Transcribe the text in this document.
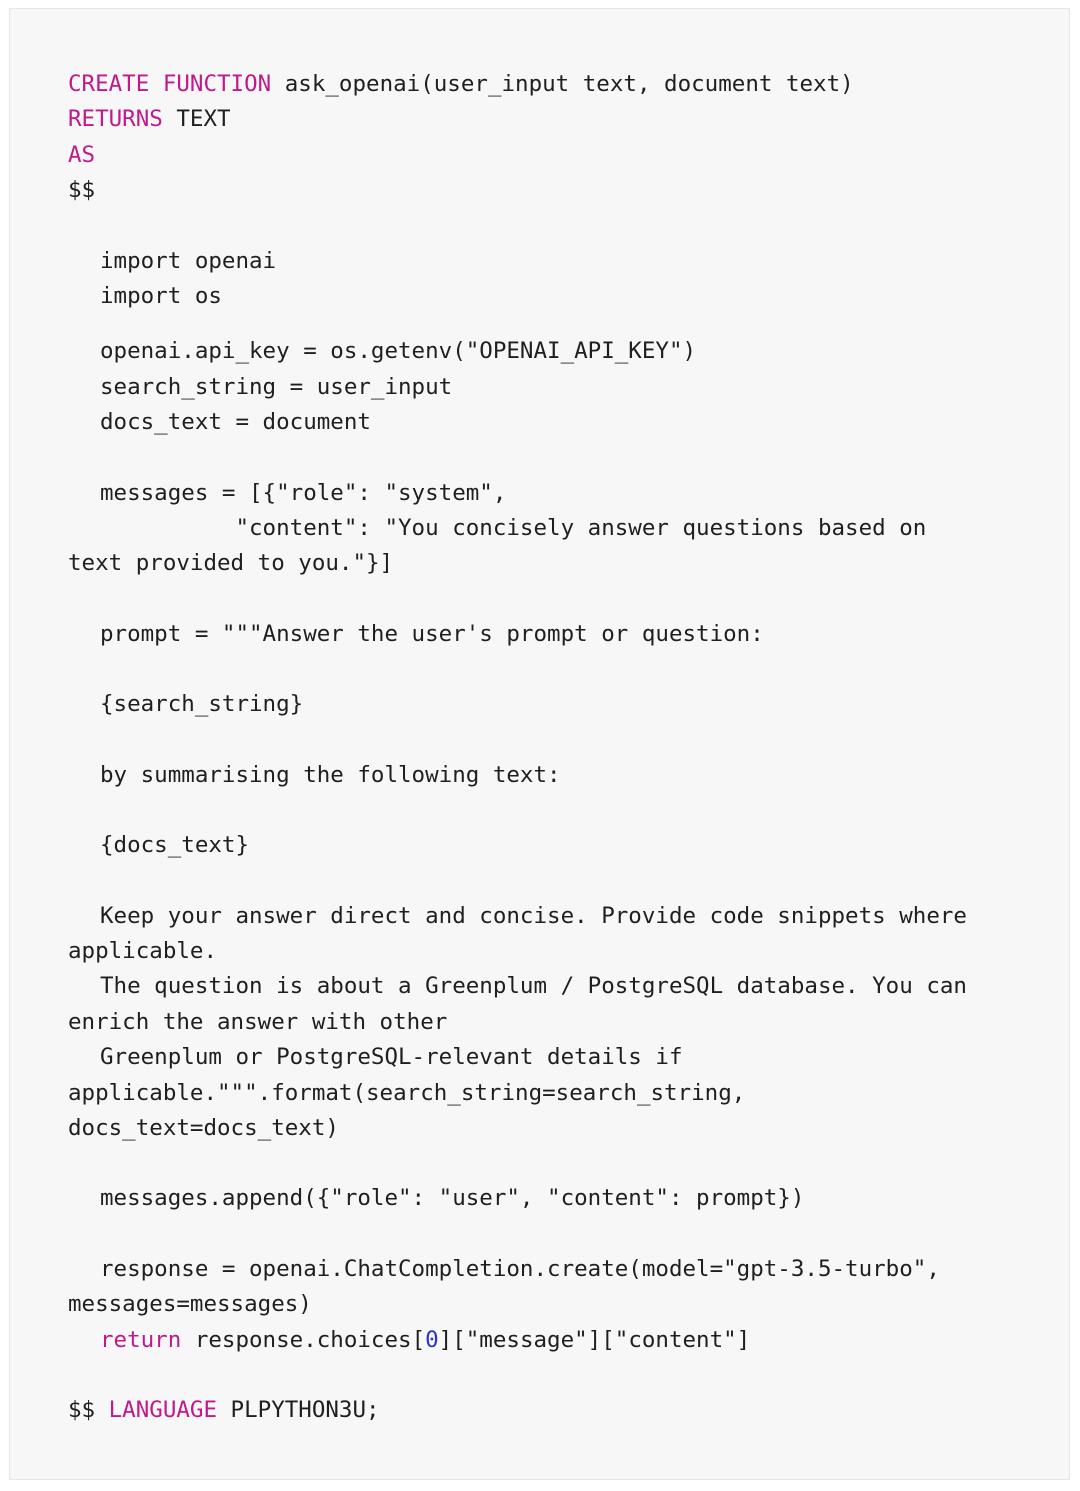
CREATE FUNCTION ask_openai(user_input text, document text)
RETURNS TEXT
AS
$$
import openai
import os
openai.api_key = os.getenv("OPENAI_API_KEY")
search_string = user_input
docs_text = document
messages = [{"role": "system",
"content": "You concisely answer questions based on
text provided to you."}]
prompt = """Answer the user's prompt or question:
{search_string}
by summarising the following text:
{docs_text}
Keep your answer direct and concise. Provide code snippets where
applicable.
The question is about a Greenplum / PostgreSQL database. You can
enrich the answer with other
Greenplum or PostgreSQL-relevant details if
applicable.""".format(search_string=search_string,
docs_text=docs_text)
messages.append({"role": "user", "content": prompt})
response = openai.ChatCompletion.create(model="gpt-3.5-turbo",
messages=messages)
return response.choices[0]["message"]["content"]
$$ LANGUAGE PLPYTHON3U;
